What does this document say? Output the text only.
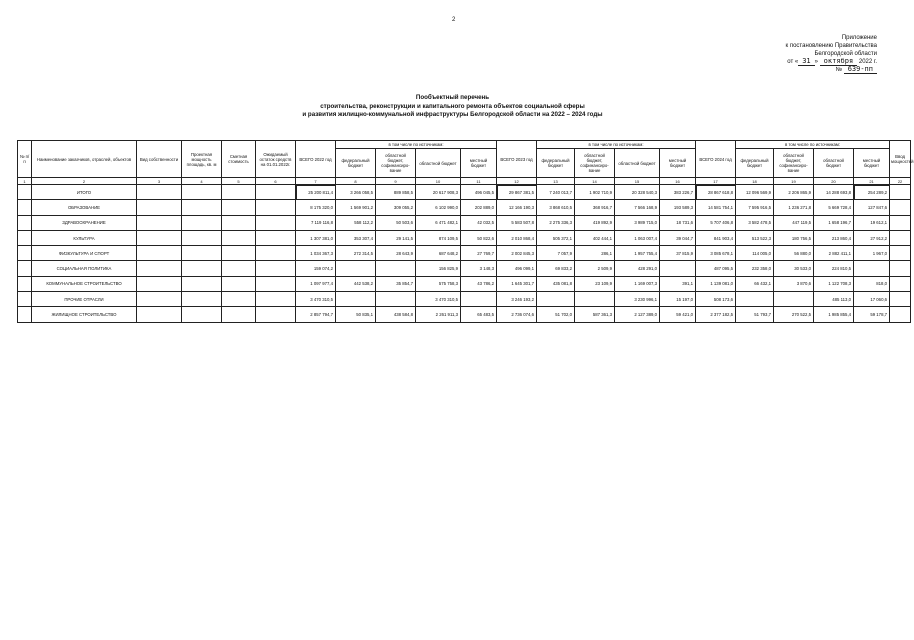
2
Приложение
к постановлению Правительства
Белгородской области
от « 31 » октября 2022 г.
№ 639-пп
Пообъектный перечень
строительства, реконструкции и капитального ремонта объектов социальной сферы
и развития жилищно-коммунальной инфраструктуры Белгородской области на 2022 – 2024 годы
№ п/п	Наименование заказчиков, отраслей, объектов	Вид собственности	Проектная мощность площадь, кв. м	Сметная стоимость	Ожидаемый остаток средств на 01.01.2022г.	ВСЕГО 2022 год	в том числе по источникам:				ВСЕГО 2023 год	в том числе по источникам:				ВСЕГО 2024 год	в том числе по источникам:				Ввод мощностей
							федеральный бюджет	областной бюджет, софинансиро-вание	областной бюджет	местный бюджет		федеральный бюджет	областной бюджет, софинансиро-вание	областной бюджет	местный бюджет		федеральный бюджет	областной бюджет, софинансиро-вание	областной бюджет	местный бюджет	
1	2	3	4	5	6	7	8	9	10	11	12	13	14	15	16	17	18	19	20	21	22
	ИТОГО					25 200 811,4	3 266 058,5	889 858,5	20 617 908,3	496 045,5	29 867 381,5	7 240 013,7	1 902 710,9	20 328 540,3	383 226,7	28 867 618,8	12 096 569,9	2 206 865,9	14 288 693,8	254 289,2	
	ОБРАЗОВАНИЕ					8 175 320,0	1 569 901,2	309 055,2	6 102 990,0	202 889,0	12 166 190,3	3 868 610,5	368 916,7	7 566 168,9	193 589,3	14 581 754,1	7 595 916,5	1 236 271,8	5 669 728,4	127 847,6	
	ЗДРАВООХРАНЕНИЕ					7 119 116,8	558 112,2	50 503,6	6 471 482,1	42 032,5	5 583 507,8	2 275 336,3	419 892,9	3 989 715,0	18 731,6	5 707 406,8	3 582 478,5	447 119,5	1 658 196,7	19 612,1	
	КУЛЬТУРА					1 307 381,0	353 307,4	29 141,5	874 109,5	50 822,6	2 010 868,4	505 372,1	402 444,1	1 063 007,4	39 044,7	841 903,4	513 522,3	180 756,5	213 860,4	27 912,2	
	ФИЗКУЛЬТУРА И СПОРТ					1 034 367,3	272 314,5	28 643,9	687 648,2	27 769,7	2 002 845,3	7 057,9	286,1	1 957 755,4	37 815,9	3 085 678,1	114 005,0	56 880,0	2 882 411,1	1 967,0	
	СОЦИАЛЬНАЯ ПОЛИТИКА					159 074,2			156 825,9	3 148,3	496 099,1	69 833,2	2 509,9	428 291,0		487 095,5	232 358,0	30 533,0	224 810,5		
	КОММУНАЛЬНОЕ СТРОИТЕЛЬСТВО					1 097 977,4	442 538,2	35 854,7	575 758,3	43 786,2	1 645 301,7	435 081,8	23 109,9	1 169 007,3	391,1	1 139 081,0	66 432,1	3 870,6	1 122 708,3	818,0	
	ПРОЧИЕ ОТРАСЛИ					3 470 310,5			3 470 310,5		3 246 193,2			3 230 996,1	15 197,0	508 173,6			485 113,0	17 060,6	
	ЖИЛИЩНОЕ СТРОИТЕЛЬСТВО					2 857 794,7	50 835,1	438 584,8	2 261 911,3	65 483,5	2 736 074,6	51 702,0	587 361,3	2 127 389,0	59 421,0	2 377 182,5	51 793,7	270 522,5	1 985 855,4	59 178,7	
